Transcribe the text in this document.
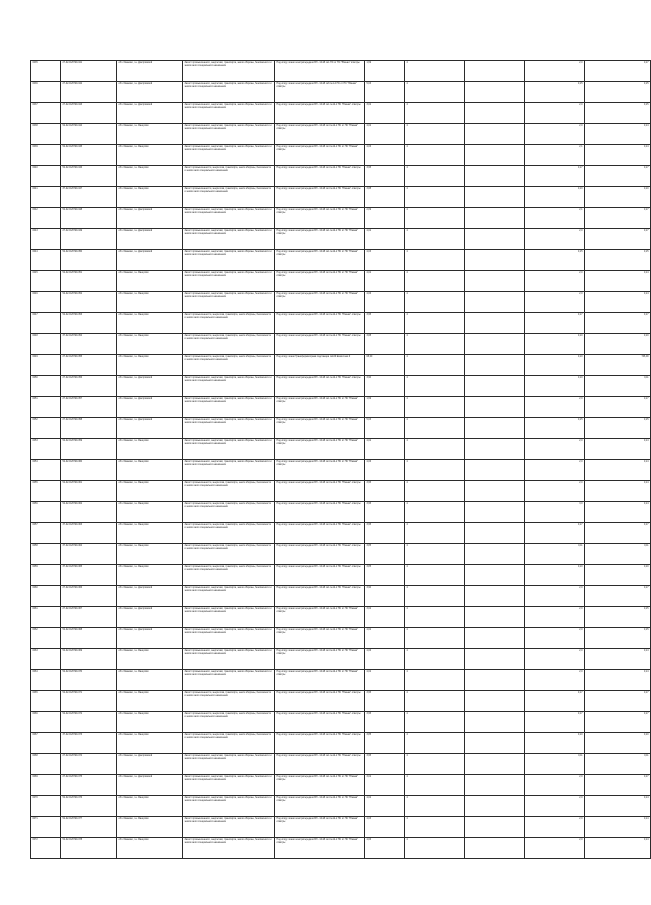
0035	27-02-01/0729-341	обл. Иваново, г-н. Дмитровский	Захист промышленного, энергетики, транспорта, земли обороны, безопасности и земли иного специального назначения	Под опору линии электропередачи ВЛ - 10 кВ №1 ПС от ПС "Южная" отвётры	1,69	4		2,0	0,17
0036	27-02-01/0729-342	обл. Иваново, г-н. Дмитровский	Захист промышленного, энергетики, транспорта, земли обороны, безопасности и земли иного специального назначения	Под опору линии электропередачи ВЛ - 10 кВ №6 №1-2 ПС от ПС "Южная" отвётры	5,03	4		0,15	0,15
0037	27-02-01/0729-343	обл. Иваново, г-н. Дмитровский	Захист промышленного, энергетики, транспорта, земли обороны, безопасности и земли иного специального назначения	Под опору линии электропередачи ВЛ - 10 кВ №1 №12-2 ПС "Южная" отвётры	3,02	4		2,0	0,15
0038	52-02-01/0729-344	обл. Иваново, г-н. Фанцтово	Захист промышленного, энергетики, транспорта, земли обороны, безопасности и земли иного специального назначения	Под опору линии электропередачи ВЛ - 10 кВ №4 №12-2 ПС от ПС "Южная" отвётры	4,02	4		2,0	0,14
0039	52-02-01/0729-345	обл. Иваново, г-н. Фанцтово	Захист промышленного, энергетики, транспорта, земли обороны, безопасности и земли иного специального назначения	Под опору линии электропередачи ВЛ - 10 кВ №4 №12-2 ПС от ПС "Южная" отвётры	4,06	4		2,1	0,14
0040	52-02-01/0729-346	обл. Иваново, г-н. Фанцтово	Захист промышленности, энергетики, транспорта, земли обороны, безопасности и земли иного специального назначения	Под опору линии электропередачи ВЛ - 10 кВ №4 №12-2 ПС "Южная" отвётры	3,95	4		0,17	0,17
0041	37-02-01/0729-347	обл. Иваново, г-н. Фанцтово	Захист промышленности, энергетики, транспорта, земли обороны, безопасности и земли иного специального назначения	Под опору линии электропередачи ВЛ - 10 кВ №4 №12-2 ПС "Южная" отвётры	3,88	4		0,10	0,10
0042	52-02-01/0729-348	обл. Иваново, г-н. Дмитровский	Захист промышленного, энергетики, транспорта, земли обороны, безопасности и земли иного специального назначения	Под опору линии электропередачи ВЛ - 10 кВ №1 №12-2 ПС от ПС "Южная" отвётры	2,09	4		2,1	0,17
0043	27-02-01/0729-349	обл. Иваново, г-н. Дмитровский	Захист промышленного, энергетики, транспорта, земли обороны, безопасности и земли иного специального назначения	Под опору линии электропередачи ВЛ - 10 кВ №1 №12-2 ПС от ПС "Южная" отвётры	4,02	4		2,0	0,17
0044	52-02-01/0729-350	обл. Иваново, г-н. Дмитровский	Захист промышленного, энергетики, транспорта, земли обороны, безопасности и земли иного специального назначения	Под опору линии электропередачи ВЛ - 10 кВ №1 №12-2 ПС от ПС "Южная" отвётры	4,03	4		0,15	0,15
0045	52-02-01/0729-351	обл. Иваново, г-н. Фанцтово	Захист промышленного, энергетики, транспорта, земли обороны, безопасности и земли иного специального назначения	Под опору линии электропередачи ВЛ - 10 кВ №4 №12-2 ПС от ПС "Южная" отвётры	4,02	4		2,0	0,14
0046	52-02-01/0729-352	обл. Иваново, г-н. Фанцтово	Захист промышленного, энергетики, транспорта, земли обороны, безопасности и земли иного специального назначения	Под опору линии электропередачи ВЛ - 10 кВ №4 №12-2 ПС от ПС "Южная" отвётры	4,06	4		2,0	0,14
0047	52-02-01/0729-353	обл. Иваново, г-н. Фанцтово	Захист промышленности, энергетики, транспорта, земли обороны, безопасности и земли иного специального назначения	Под опору линии электропередачи ВЛ - 10 кВ №4 №12-2 ПС "Южная" отвётры	3,95	4		0,17	0,17
0048	37-02-01/0729-354	обл. Иваново, г-н. Фанцтово	Захист промышленности, энергетики, транспорта, земли обороны, безопасности и земли иного специального назначения	Под опору линии электропередачи ВЛ - 10 кВ №4 №12-2 ПС "Южная" отвётры	3,88	4		0,10	0,10
0049	27-02-01/0729-355	обл. Иваново, г-н. Фанцтово	Захист промышленности, энергетики, транспорта, земли обороны, безопасности и земли иного специального назначения	Под опору линии Трансформаторная подстанции №100 Емкостная 0	08,00	4		0,10	746,00
0050	27-02-01/0729-356	обл. Иваново, г-н. Дмитровский	Захист промышленного, энергетики, транспорта, земли обороны, безопасности и земли иного специального назначения	Под опору линии электропередачи ВЛ - 10 кВ №1 №12-2 ПС "Южная" отвётры	3,90	4		0,10	0,11
0051	27-02-01/0729-357	обл. Иваново, г-н. Дмитровский	Захист промышленного, энергетики, транспорта, земли обороны, безопасности и земли иного специального назначения	Под опору линии электропередачи ВЛ - 10 кВ №1 №12-2 ПС от ПС "Южная" отвётры	1,69	4		2,0	0,17
0052	27-02-01/0729-358	обл. Иваново, г-н. Дмитровский	Захист промышленного, энергетики, транспорта, земли обороны, безопасности и земли иного специального назначения	Под опору линии электропередачи ВЛ - 10 кВ №1 №12-2 ПС от ПС "Южная" отвётры	5,03	4		0,15	0,15
0053	52-02-01/0729-359	обл. Иваново, г-н. Фанцтово	Захист промышленного, энергетики, транспорта, земли обороны, безопасности и земли иного специального назначения	Под опору линии электропередачи ВЛ - 10 кВ №4 №12-2 ПС от ПС "Южная" отвётры	4,02	4		2,0	0,14
0054	52-02-01/0729-360	обл. Иваново, г-н. Фанцтово	Захист промышленного, энергетики, транспорта, земли обороны, безопасности и земли иного специального назначения	Под опору линии электропередачи ВЛ - 10 кВ №4 №12-2 ПС от ПС "Южная" отвётры	4,06	4		2,0	0,14
0055	52-02-01/0729-361	обл. Иваново, г-н. Фанцтово	Захист промышленности, энергетики, транспорта, земли обороны, безопасности и земли иного специального назначения	Под опору линии электропередачи ВЛ - 10 кВ №4 №12-2 ПС "Южная" отвётры	3,95	4		2,0	0,14
0056	52-02-01/0729-362	обл. Иваново, г-н. Фанцтово	Захист промышленности, энергетики, транспорта, земли обороны, безопасности и земли иного специального назначения	Под опору линии электропередачи ВЛ - 10 кВ №4 №12-2 ПС "Южная" отвётры	3,95	4		3,0	0,14
0057	37-02-01/0729-363	обл. Иваново, г-н. Фанцтово	Захист промышленности, энергетики, транспорта, земли обороны, безопасности и земли иного специального назначения	Под опору линии электропередачи ВЛ - 10 кВ №4 №12-2 ПС "Южная" отвётры	3,95	4		0,17	0,17
0058	37-02-01/0729-364	обл. Иваново, г-н. Фанцтово	Захист промышленности, энергетики, транспорта, земли обороны, безопасности и земли иного специального назначения	Под опору линии электропередачи ВЛ - 10 кВ №4 №12-2 ПС "Южная" отвётры	3,85	4		0,11	0,11
0059	37-02-01/0729-365	обл. Иваново, г-н. Фанцтово	Захист промышленности, энергетики, транспорта, земли обороны, безопасности и земли иного специального назначения	Под опору линии электропередачи ВЛ - 10 кВ №4 №12-2 ПС "Южная" отвётры	3,85	4		0,10	0,10
0060	27-02-01/0729-366	обл. Иваново, г-н. Дмитровский	Захист промышленного, энергетики, транспорта, земли обороны, безопасности и земли иного специального назначения	Под опору линии электропередачи ВЛ - 10 кВ №1 №12-2 ПС "Южная" отвётры	3,90	4		2,0	0,17
0061	27-02-01/0729-367	обл. Иваново, г-н. Дмитровский	Захист промышленного, энергетики, транспорта, земли обороны, безопасности и земли иного специального назначения	Под опору линии электропередачи ВЛ - 10 кВ №1 №12-2 ПС от ПС "Южная" отвётры	3,02	4		2,0	0,15
0062	52-02-01/0729-368	обл. Иваново, г-н. Дмитровский	Захист промышленного, энергетики, транспорта, земли обороны, безопасности и земли иного специального назначения	Под опору линии электропередачи ВЛ - 10 кВ №1 №12-2 ПС от ПС "Южная" отвётры	4,02	4		2,0	0,15
0063	52-02-01/0729-369	обл. Иваново, г-н. Фанцтово	Захист промышленного, энергетики, транспорта, земли обороны, безопасности и земли иного специального назначения	Под опору линии электропередачи ВЛ - 10 кВ №4 №12-2 ПС от ПС "Южная" отвётры	4,06	4		2,0	0,14
0064	52-02-01/0729-370	обл. Иваново, г-н. Фанцтово	Захист промышленного, энергетики, транспорта, земли обороны, безопасности и земли иного специального назначения	Под опору линии электропередачи ВЛ - 10 кВ №4 №12-2 ПС от ПС "Южная" отвётры	4,02	4		2,0	0,14
0065	52-02-01/0729-371	обл. Иваново, г-н. Фанцтово	Захист промышленности, энергетики, транспорта, земли обороны, безопасности и земли иного специального назначения	Под опору линии электропередачи ВЛ - 10 кВ №4 №12-2 ПС "Южная" отвётры	3,95	4		0,17	0,17
0066	52-02-01/0729-372	обл. Иваново, г-н. Фанцтово	Захист промышленности, энергетики, транспорта, земли обороны, безопасности и земли иного специального назначения	Под опору линии электропередачи ВЛ - 10 кВ №4 №12-2 ПС "Южная" отвётры	3,95	4		0,17	0,17
0067	37-02-01/0729-373	обл. Иваново, г-н. Фанцтово	Захист промышленности, энергетики, транспорта, земли обороны, безопасности и земли иного специального назначения	Под опору линии электропередачи ВЛ - 10 кВ №4 №12-2 ПС "Южная" отвётры	3,85	4		0,10	0,10
0068	27-02-01/0729-374	обл. Иваново, г-н. Дмитровский	Захист промышленного, энергетики, транспорта, земли обороны, безопасности и земли иного специального назначения	Под опору линии электропередачи ВЛ - 10 кВ №1 №12-2 ПС "Южная" отвётры	3,95	4		0,11	0,11
0069	27-02-01/0729-375	обл. Иваново, г-н. Дмитровский	Захист промышленного, энергетики, транспорта, земли обороны, безопасности и земли иного специального назначения	Под опору линии электропередачи ВЛ - 10 кВ №1 №12-2 ПС от ПС "Южная" отвётры	3,02	4		2,0	0,17
0070	52-02-01/0729-376	обл. Иваново, г-н. Фанцтово	Захист промышленного, энергетики, транспорта, земли обороны, безопасности и земли иного специального назначения	Под опору линии электропередачи ВЛ - 10 кВ №4 №12-2 ПС от ПС "Южная" отвётры	4,02	4		2,0	0,14
0071	52-02-01/0729-377	обл. Иваново, г-н. Фанцтово	Захист промышленного, энергетики, транспорта, земли обороны, безопасности и земли иного специального назначения	Под опору линии электропередачи ВЛ - 10 кВ №4 №12-2 ПС от ПС "Южная" отвётры	4,03	4		2,0	0,14
0072	52-02-01/0729-378	обл. Иваново, г-н. Фанцтово	Захист промышленного, энергетики, транспорта, земли обороны, безопасности и земли иного специального назначения	Под опору линии электропередачи ВЛ - 10 кВ №4 №12-2 ПС от ПС "Южная" отвётры	4,06	4		2,0	0,14
